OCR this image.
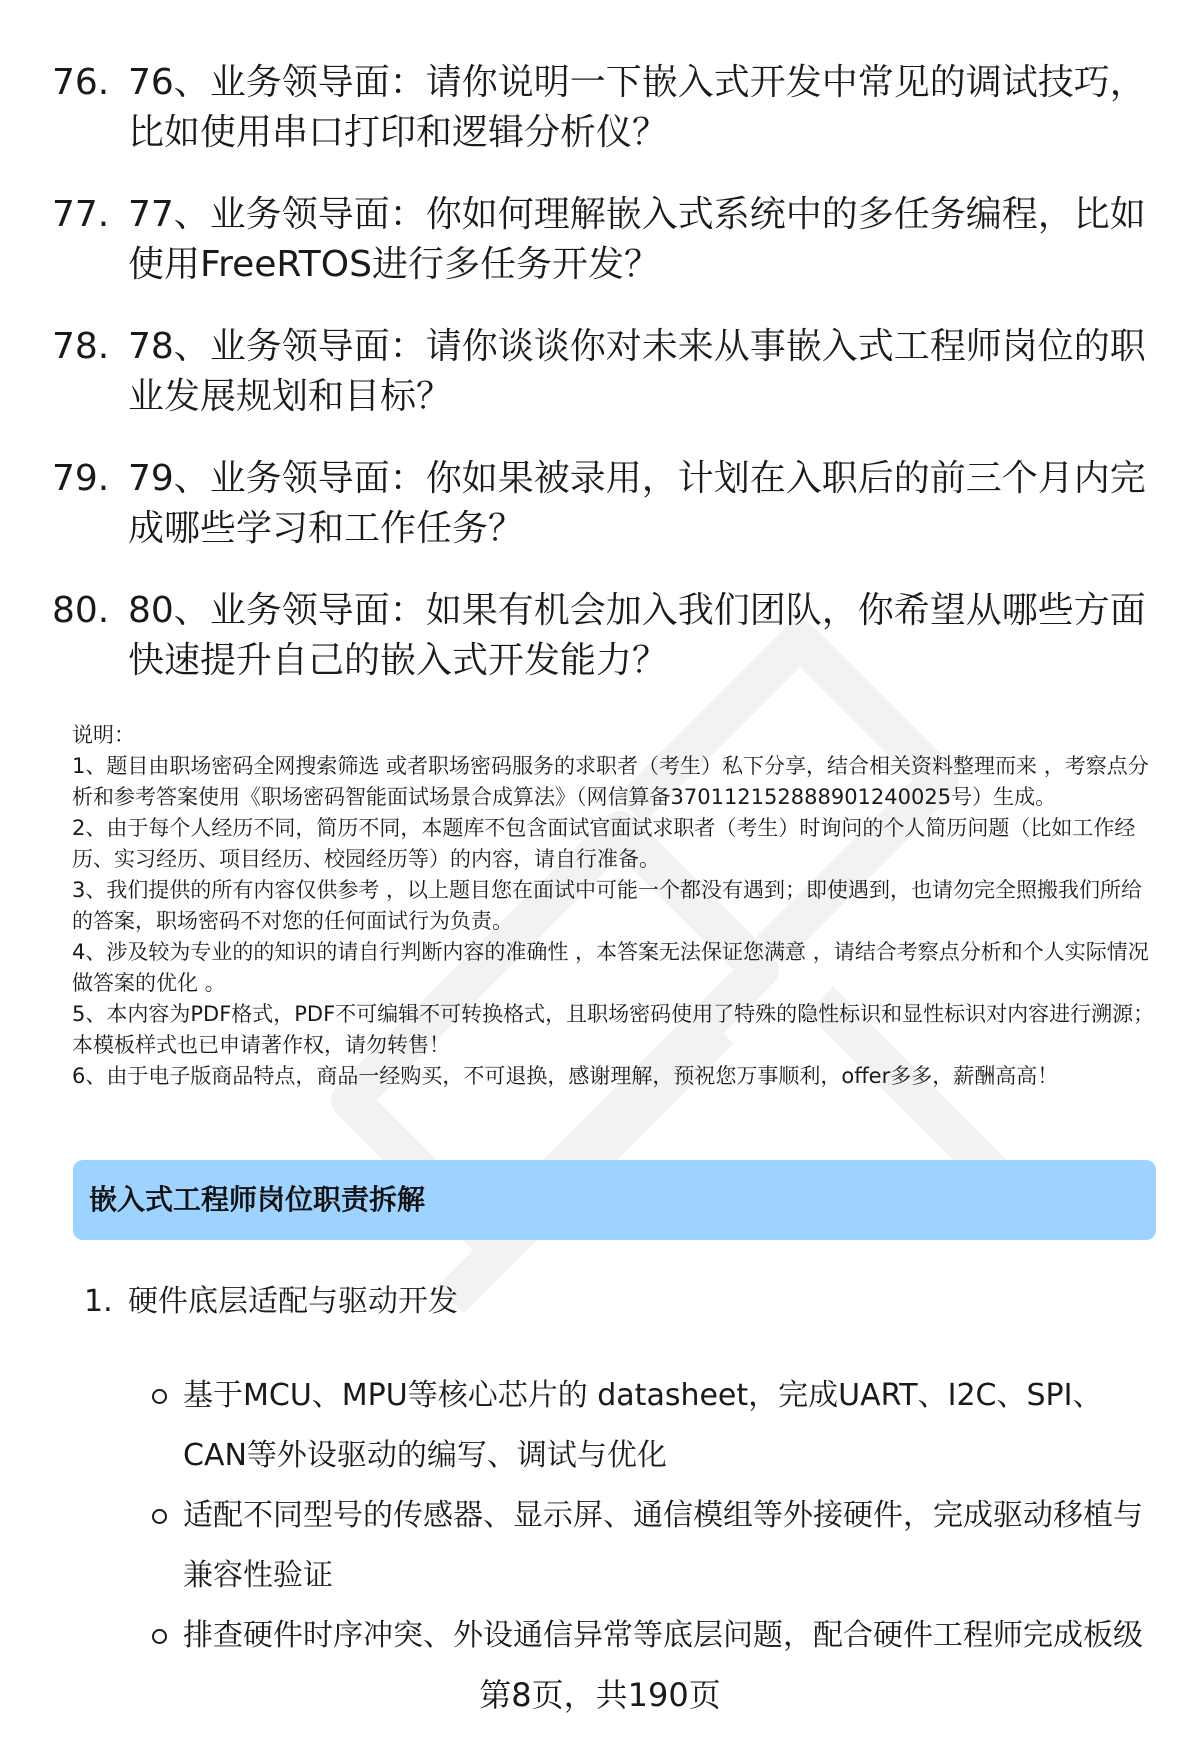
76. 76、业务领导面：请你说明一下嵌入式开发中常见的调试技巧，比如使用串口打印和逻辑分析仪？
77. 77、业务领导面：你如何理解嵌入式系统中的多任务编程，比如使用FreeRTOS进行多任务开发？
78. 78、业务领导面：请你谈谈你对未来从事嵌入式工程师岗位的职业发展规划和目标？
79. 79、业务领导面：你如果被录用，计划在入职后的前三个月内完成哪些学习和工作任务？
80. 80、业务领导面：如果有机会加入我们团队，你希望从哪些方面快速提升自己的嵌入式开发能力？

说明：

1、题目由职场密码全网搜索筛选 或者职场密码服务的求职者（考生）私下分享，结合相关资料整理而来 ，考察点分析和参考答案使用《职场密码智能面试场景合成算法》（网信算备370112152888901240025号）生成。

2、由于每个人经历不同，简历不同，本题库不包含面试官面试求职者（考生）时询问的个人简历问题（比如工作经历、实习经历、项目经历、校园经历等）的内容，请自行准备。

3、我们提供的所有内容仅供参考 ，以上题目您在面试中可能一个都没有遇到；即使遇到，也请勿完全照搬我们所给的答案，职场密码不对您的任何面试行为负责。

4、涉及较为专业的的知识的请自行判断内容的准确性 ，本答案无法保证您满意 ，请结合考察点分析和个人实际情况做答案的优化 。

5、本内容为PDF格式，PDF不可编辑不可转换格式，且职场密码使用了特殊的隐性标识和显性标识对内容进行溯源；本模板样式也已申请著作权，请勿转售！

6、由于电子版商品特点，商品一经购买，不可退换，感谢理解，预祝您万事顺利，offer多多，薪酬高高！

嵌入式工程师岗位职责拆解
1. 硬件底层适配与驱动开发
基于MCU、MPU等核心芯片的 datasheet，完成UART、I2C、SPI、CAN等外设驱动的编写、调试与优化
适配不同型号的传感器、显示屏、通信模组等外接硬件，完成驱动移植与兼容性验证
排查硬件时序冲突、外设通信异常等底层问题，配合硬件工程师完成板级
第8页，共190页
